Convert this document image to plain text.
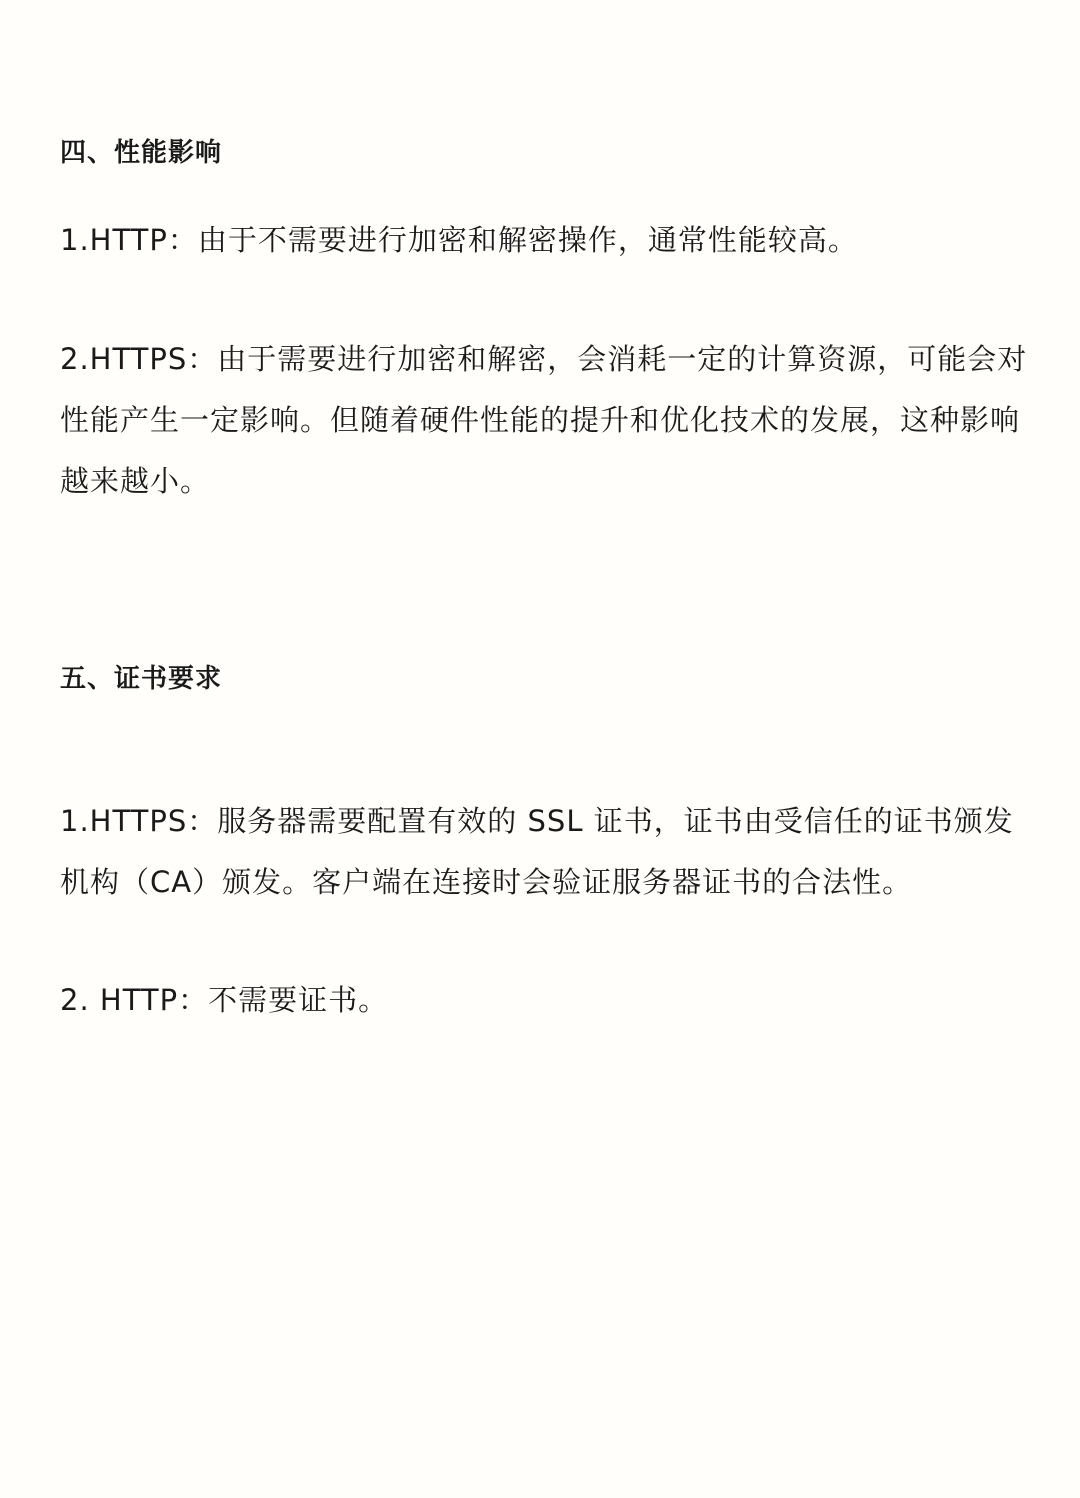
四、性能影响

1.HTTP：由于不需要进行加密和解密操作，通常性能较高。

2.HTTPS：由于需要进行加密和解密，会消耗一定的计算资源，可能会对性能产生一定影响。但随着硬件性能的提升和优化技术的发展，这种影响越来越小。

五、证书要求

1.HTTPS：服务器需要配置有效的 SSL 证书，证书由受信任的证书颁发机构（CA）颁发。客户端在连接时会验证服务器证书的合法性。

2. HTTP：不需要证书。
